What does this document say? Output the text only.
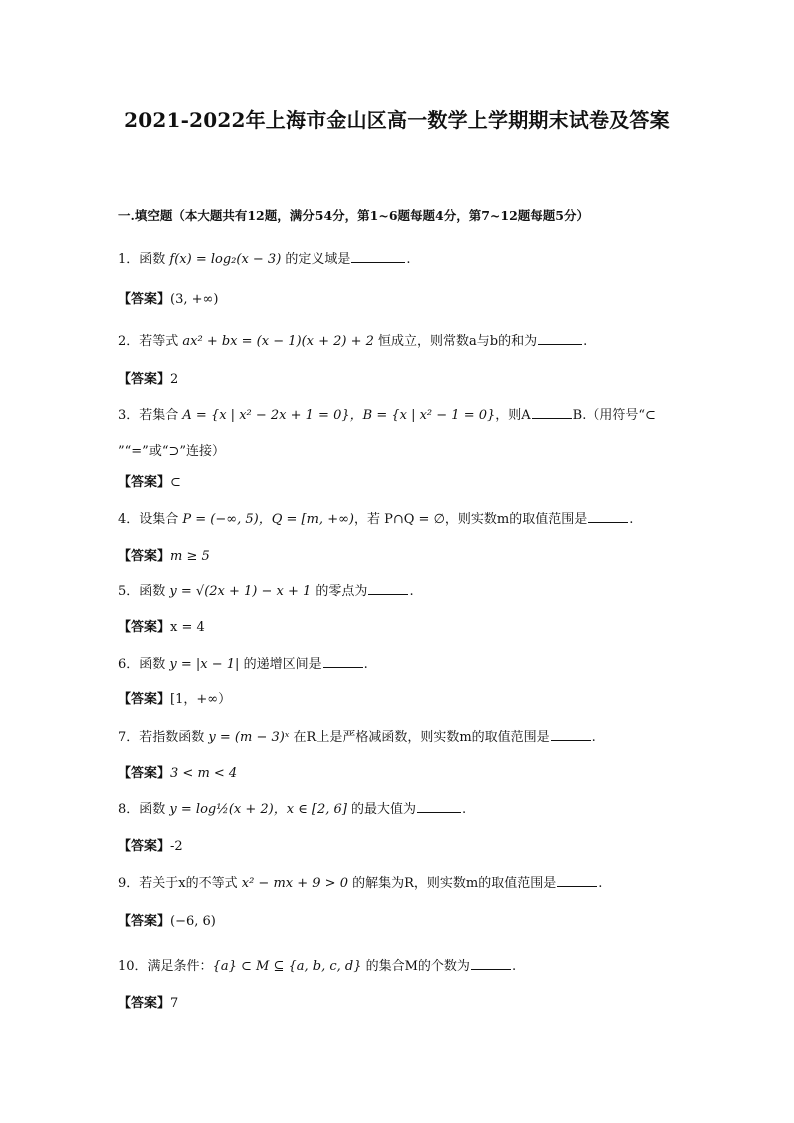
2021-2022年上海市金山区高一数学上学期期末试卷及答案
一.填空题（本大题共有12题，满分54分，第1~6题每题4分，第7~12题每题5分）
1．函数 f(x) = log₂(x − 3) 的定义域是	.
【答案】(3, +∞)
2．若等式 ax² + bx = (x − 1)(x + 2) + 2 恒成立，则常数a与b的和为	.
【答案】2
3．若集合 A = {x | x² − 2x + 1 = 0}，B = {x | x² − 1 = 0}，则A	B.（用符号“⊂
”“=”或“⊃”连接）
【答案】⊂
4．设集合 P = (−∞, 5)，Q = [m, +∞)，若 P∩Q = ∅，则实数m的取值范围是	.
【答案】m ≥ 5
5．函数 y = √(2x + 1) − x + 1 的零点为	.
【答案】x = 4
6．函数 y = |x − 1| 的递增区间是	.
【答案】[1，+∞）
7．若指数函数 y = (m − 3)ˣ 在R上是严格减函数，则实数m的取值范围是	.
【答案】3 < m < 4
8．函数 y = log½(x + 2)，x ∈ [2, 6] 的最大值为	.
【答案】-2
9．若关于x的不等式 x² − mx + 9 > 0 的解集为R，则实数m的取值范围是	.
【答案】(−6, 6)
10．满足条件：{a} ⊂ M ⊆ {a, b, c, d} 的集合M的个数为	.
【答案】7
